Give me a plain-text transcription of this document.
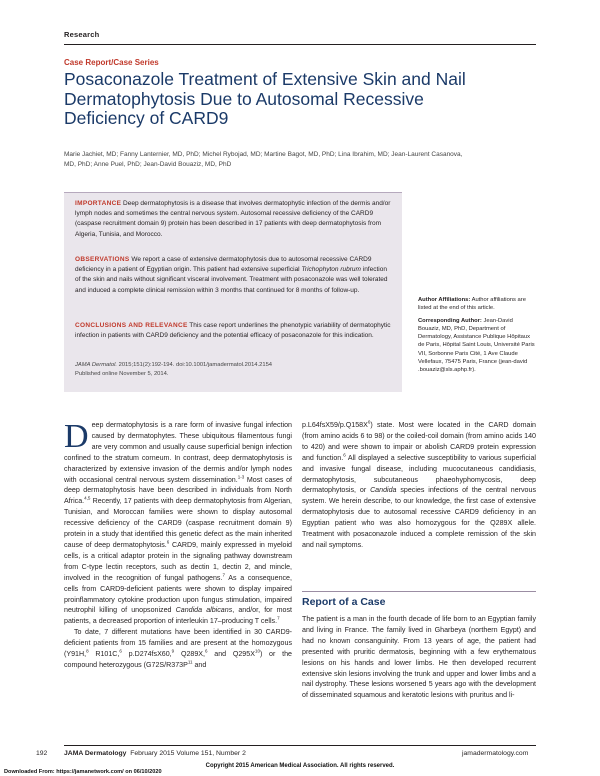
Research
Case Report/Case Series
Posaconazole Treatment of Extensive Skin and Nail Dermatophytosis Due to Autosomal Recessive Deficiency of CARD9
Marie Jachiet, MD; Fanny Lanternier, MD, PhD; Michel Rybojad, MD; Martine Bagot, MD, PhD; Lina Ibrahim, MD; Jean-Laurent Casanova, MD, PhD; Anne Puel, PhD; Jean-David Bouaziz, MD, PhD

IMPORTANCE Deep dermatophytosis is a disease that involves dermatophytic infection of the dermis and/or lymph nodes and sometimes the central nervous system. Autosomal recessive deficiency of the CARD9 (caspase recruitment domain 9) protein has been described in 17 patients with deep dermatophytosis from Algeria, Tunisia, and Morocco.

OBSERVATIONS We report a case of extensive dermatophytosis due to autosomal recessive CARD9 deficiency in a patient of Egyptian origin. This patient had extensive superficial Trichophyton rubrum infection of the skin and nails without significant visceral involvement. Treatment with posaconazole was well tolerated and induced a complete clinical remission within 3 months that continued for 8 months of follow-up.

CONCLUSIONS AND RELEVANCE This case report underlines the phenotypic variability of dermatophytic infection in patients with CARD9 deficiency and the potential efficacy of posaconazole for this indication.

JAMA Dermatol. 2015;151(2):192-194. doi:10.1001/jamadermatol.2014.2154
Published online November 5, 2014.

Author Affiliations: Author affiliations are listed at the end of this article.

Corresponding Author: Jean-David Bouaziz, MD, PhD, Department of Dermatology, Assistance Publique Hôpitaux de Paris, Hôpital Saint Louis, Université Paris VII, Sorbonne Paris Cité, 1 Ave Claude Vellefaux, 75475 Paris, France (jean-david .bouaziz@sls.aphp.fr).

Deep dermatophytosis is a rare form of invasive fungal infection caused by dermatophytes. These ubiquitous filamentous fungi are very common and usually cause superficial benign infection confined to the stratum corneum. In contrast, deep dermatophytosis is characterized by extensive invasion of the dermis and/or lymph nodes with occasional central nervous system dissemination.$^{1-3}$ Most cases of deep dermatophytosis have been described in individuals from North Africa.$^{4,5}$ Recently, 17 patients with deep dermatophytosis from Algerian, Tunisian, and Moroccan families were shown to display autosomal recessive deficiency of the CARD9 (caspase recruitment domain 9) protein in a study that identified this genetic defect as the main inherited cause of deep dermatophytosis.$^6$ CARD9, mainly expressed in myeloid cells, is a critical adaptor protein in the signaling pathway downstream from C-type lectin receptors, such as dectin 1, dectin 2, and mincle, involved in the recognition of fungal pathogens.$^7$ As a consequence, cells from CARD9-deficient patients were shown to display impaired proinflammatory cytokine production upon fungus stimulation, impaired neutrophil killing of unopsonized Candida albicans, and/or, for most patients, a decreased proportion of interleukin 17–producing T cells.$^7$

To date, 7 different mutations have been identified in 30 CARD9-deficient patients from 15 families and are present at the homozygous (Y91H,$^8$ R101C,$^6$ p.D274fsX60,$^9$ Q289X,$^6$ and $Q295X^{10}$) or the compound heterozygous ($G72S/R373P^{11}$ and

$p.L64fsX59/p.Q158X^6$) state. Most were located in the CARD domain (from amino acids 6 to 98) or the coiled-coil domain (from amino acids 140 to 420) and were shown to impair or abolish CARD9 protein expression and function.$^6$ All displayed a selective susceptibility to various superficial and invasive fungal disease, including mucocutaneous candidiasis, dermatophytosis, subcutaneous phaeohyphomycosis, deep dermatophytosis, or Candida species infections of the central nervous system. We herein describe, to our knowledge, the first case of extensive dermatophytosis due to autosomal recessive CARD9 deficiency in an Egyptian patient who was also homozygous for the Q289X allele. Treatment with posaconazole induced a complete remission of the skin and nail symptoms.

Report of a Case

The patient is a man in the fourth decade of life born to an Egyptian family and living in France. The family lived in Gharbeya (northern Egypt) and had no known consanguinity. From 13 years of age, the patient had presented with pruritic dermatosis, beginning with a few erythematous lesions on his hands and lower limbs. He then developed recurrent extensive skin lesions involving the trunk and upper and lower limbs and a nail dystrophy. These lesions worsened 5 years ago with the development of disseminated squamous and keratotic lesions with pruritus and li-

192 JAMA Dermatology February 2015 Volume 151, Number 2	jamadermatology.com
Copyright 2015 American Medical Association. All rights reserved.
Downloaded From: https://jamanetwork.com/ on 06/10/2020
